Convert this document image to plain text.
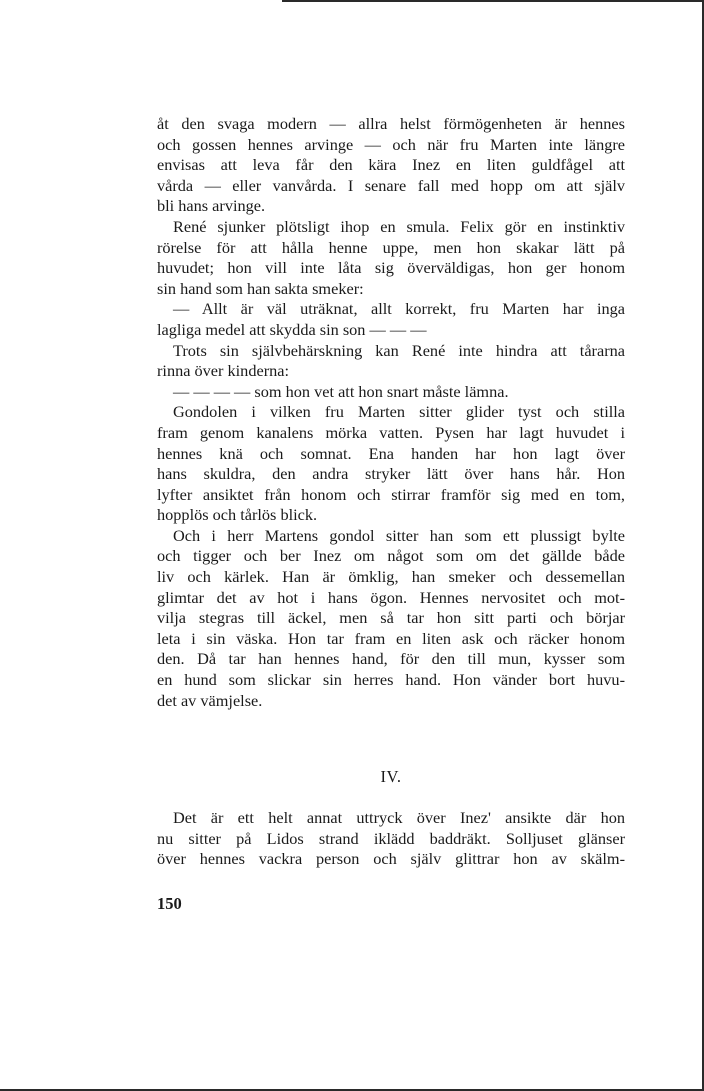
åt den svaga modern — allra helst förmögenheten är hennes
och gossen hennes arvinge — och när fru Marten inte längre
envisas att leva får den kära Inez en liten guldfågel att
vårda — eller vanvårda. I senare fall med hopp om att själv
bli hans arvinge.
René sjunker plötsligt ihop en smula. Felix gör en instinktiv
rörelse för att hålla henne uppe, men hon skakar lätt på
huvudet; hon vill inte låta sig överväldigas, hon ger honom
sin hand som han sakta smeker:
— Allt är väl uträknat, allt korrekt, fru Marten har inga
lagliga medel att skydda sin son — — —
Trots sin självbehärskning kan René inte hindra att tårarna
rinna över kinderna:
— — — — som hon vet att hon snart måste lämna.
Gondolen i vilken fru Marten sitter glider tyst och stilla
fram genom kanalens mörka vatten. Pysen har lagt huvudet i
hennes knä och somnat. Ena handen har hon lagt över
hans skuldra, den andra stryker lätt över hans hår. Hon
lyfter ansiktet från honom och stirrar framför sig med en tom,
hopplös och tårlös blick.
Och i herr Martens gondol sitter han som ett plussigt bylte
och tigger och ber Inez om något som om det gällde både
liv och kärlek. Han är ömklig, han smeker och dessemellan
glimtar det av hot i hans ögon. Hennes nervositet och mot-
vilja stegras till äckel, men så tar hon sitt parti och börjar
leta i sin väska. Hon tar fram en liten ask och räcker honom
den. Då tar han hennes hand, för den till mun, kysser som
en hund som slickar sin herres hand. Hon vänder bort huvu-
det av vämjelse.
IV.
Det är ett helt annat uttryck över Inez' ansikte där hon
nu sitter på Lidos strand iklädd baddräkt. Solljuset glänser
över hennes vackra person och själv glittrar hon av skälm-
150
